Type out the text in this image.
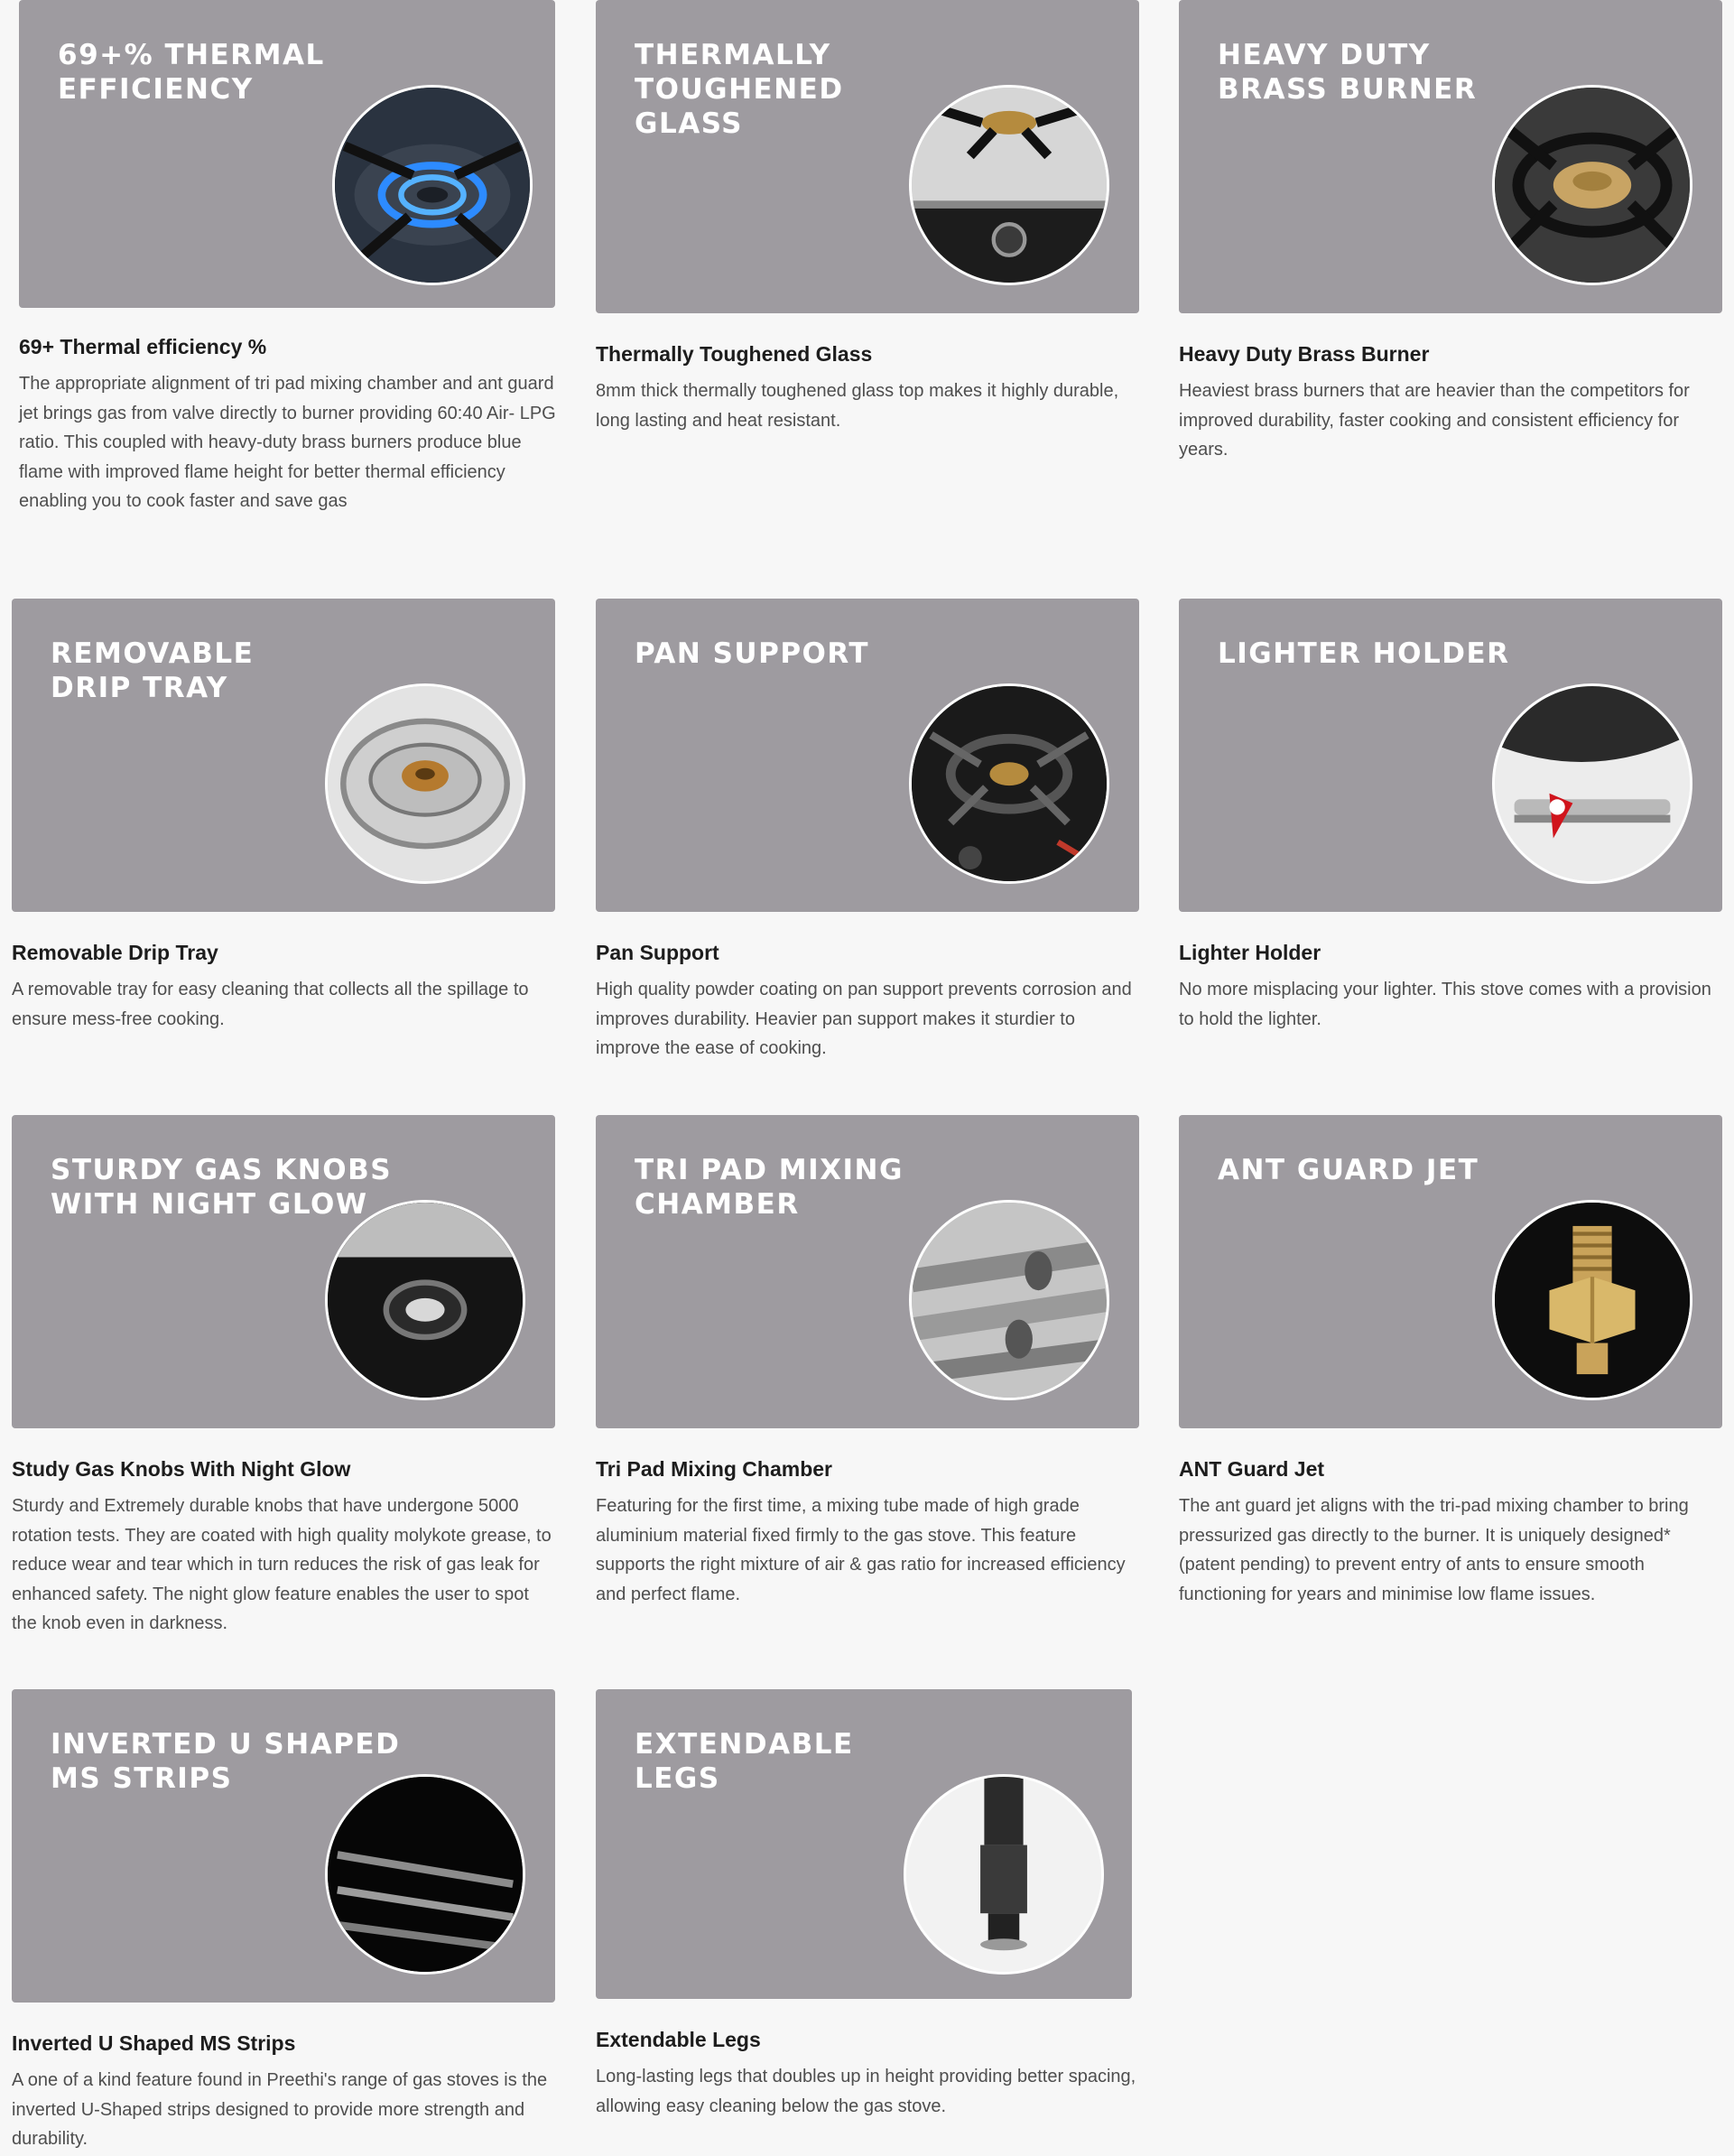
69+% THERMAL
EFFICIENCY
69+ Thermal efficiency %
The appropriate alignment of tri pad mixing chamber and ant guard jet brings gas from valve directly to burner providing 60:40 Air- LPG ratio. This coupled with heavy-duty brass burners produce blue flame with improved flame height for better thermal efficiency enabling you to cook faster and save gas
THERMALLY
TOUGHENED
GLASS
Thermally Toughened Glass
8mm thick thermally toughened glass top makes it highly durable, long lasting and heat resistant.
HEAVY DUTY
BRASS BURNER
Heavy Duty Brass Burner
Heaviest brass burners that are heavier than the competitors for improved durability, faster cooking and consistent efficiency for years.
REMOVABLE
DRIP TRAY
Removable Drip Tray
A removable tray for easy cleaning that collects all the spillage to ensure mess-free cooking.
PAN SUPPORT
Pan Support
High quality powder coating on pan support prevents corrosion and improves durability. Heavier pan support makes it sturdier to improve the ease of cooking.
LIGHTER HOLDER
Lighter Holder
No more misplacing your lighter. This stove comes with a provision to hold the lighter.
STURDY GAS KNOBS
WITH NIGHT GLOW
Study Gas Knobs With Night Glow
Sturdy and Extremely durable knobs that have undergone 5000 rotation tests. They are coated with high quality molykote grease, to reduce wear and tear which in turn reduces the risk of gas leak for enhanced safety. The night glow feature enables the user to spot the knob even in darkness.
TRI PAD MIXING
CHAMBER
Tri Pad Mixing Chamber
Featuring for the first time, a mixing tube made of high grade aluminium material fixed firmly to the gas stove. This feature supports the right mixture of air & gas ratio for increased efficiency and perfect flame.
ANT GUARD JET
ANT Guard Jet
The ant guard jet aligns with the tri-pad mixing chamber to bring pressurized gas directly to the burner. It is uniquely designed* (patent pending) to prevent entry of ants to ensure smooth functioning for years and minimise low flame issues.
INVERTED U SHAPED
MS STRIPS
Inverted U Shaped MS Strips
A one of a kind feature found in Preethi's range of gas stoves is the inverted U-Shaped strips designed to provide more strength and durability.
EXTENDABLE
LEGS
Extendable Legs
Long-lasting legs that doubles up in height providing better spacing, allowing easy cleaning below the gas stove.
